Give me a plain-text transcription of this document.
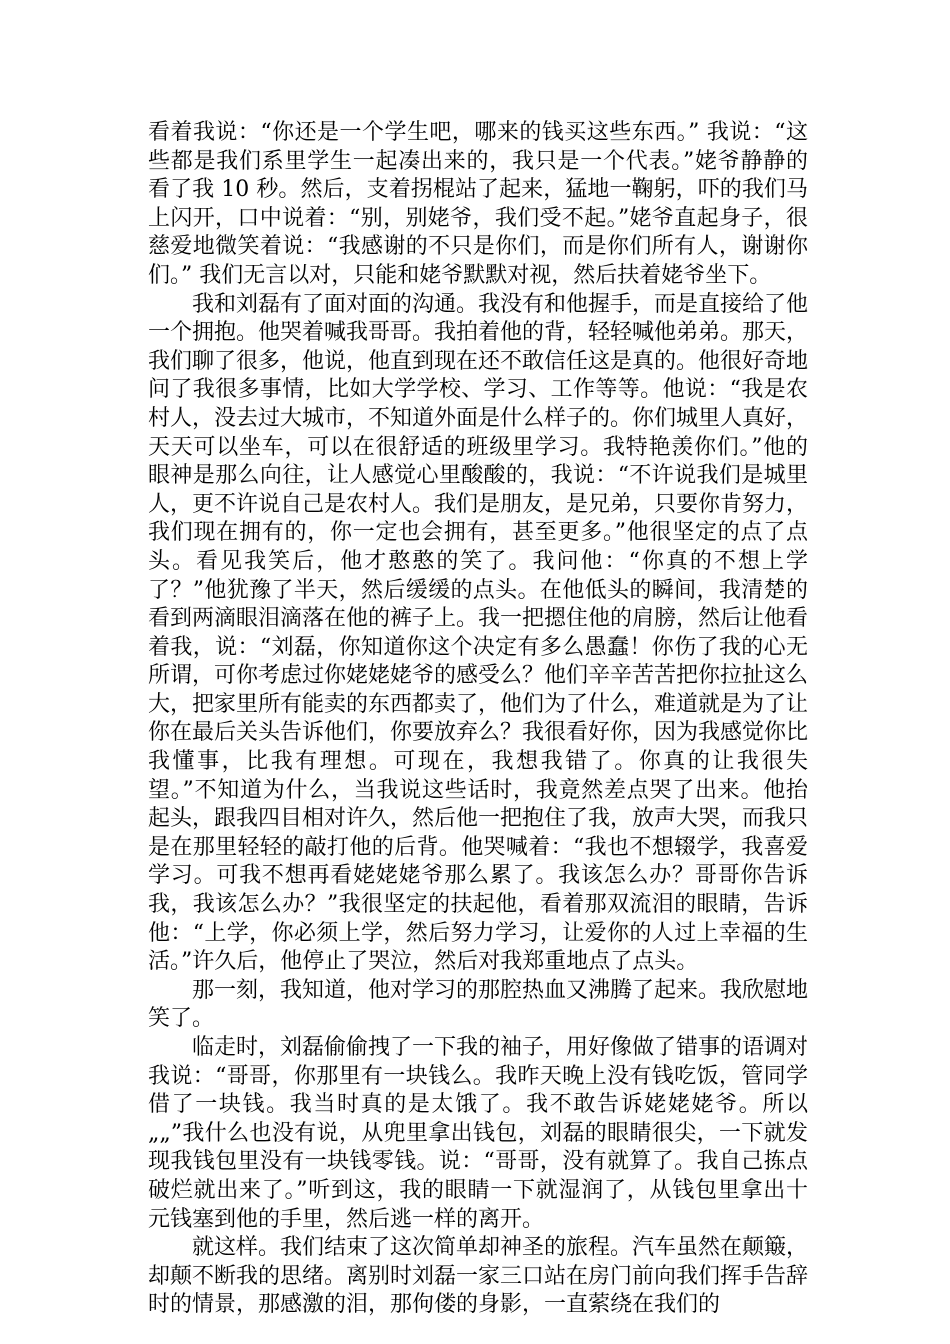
看着我说：“你还是一个学生吧，哪来的钱买这些东西。” 我说：“这些都是我们系里学生一起凑出来的，我只是一个代表。”姥爷静静的看了我 10 秒。然后，支着拐棍站了起来，猛地一鞠躬，吓的我们马上闪开，口中说着：“别，别姥爷，我们受不起。”姥爷直起身子，很慈爱地微笑着说：“我感谢的不只是你们，而是你们所有人，谢谢你们。” 我们无言以对，只能和姥爷默默对视，然后扶着姥爷坐下。

我和刘磊有了面对面的沟通。我没有和他握手，而是直接给了他一个拥抱。他哭着喊我哥哥。我拍着他的背，轻轻喊他弟弟。那天，我们聊了很多，他说，他直到现在还不敢信任这是真的。他很好奇地问了我很多事情，比如大学学校、学习、工作等等。他说：“我是农村人，没去过大城市，不知道外面是什么样子的。你们城里人真好，天天可以坐车，可以在很舒适的班级里学习。我特艳羡你们。”他的眼神是那么向往，让人感觉心里酸酸的，我说：“不许说我们是城里人，更不许说自己是农村人。我们是朋友，是兄弟，只要你肯努力，我们现在拥有的，你一定也会拥有，甚至更多。”他很坚定的点了点头。看见我笑后，他才憨憨的笑了。我问他：“你真的不想上学了？”他犹豫了半天，然后缓缓的点头。在他低头的瞬间，我清楚的看到两滴眼泪滴落在他的裤子上。我一把摁住他的肩膀，然后让他看着我，说：“刘磊，你知道你这个决定有多么愚蠢！你伤了我的心无所谓，可你考虑过你姥姥姥爷的感受么？他们辛辛苦苦把你拉扯这么大，把家里所有能卖的东西都卖了，他们为了什么，难道就是为了让你在最后关头告诉他们，你要放弃么？我很看好你，因为我感觉你比我懂事，比我有理想。可现在，我想我错了。你真的让我很失望。”不知道为什么，当我说这些话时，我竟然差点哭了出来。他抬起头，跟我四目相对许久，然后他一把抱住了我，放声大哭，而我只是在那里轻轻的敲打他的后背。他哭喊着：“我也不想辍学，我喜爱学习。可我不想再看姥姥姥爷那么累了。我该怎么办？哥哥你告诉我，我该怎么办？”我很坚定的扶起他，看着那双流泪的眼睛，告诉他：“上学，你必须上学，然后努力学习，让爱你的人过上幸福的生活。”许久后，他停止了哭泣，然后对我郑重地点了点头。

那一刻，我知道，他对学习的那腔热血又沸腾了起来。我欣慰地笑了。

临走时，刘磊偷偷拽了一下我的袖子，用好像做了错事的语调对我说：“哥哥，你那里有一块钱么。我昨天晚上没有钱吃饭，管同学借了一块钱。我当时真的是太饿了。我不敢告诉姥姥姥爷。所以„„”我什么也没有说，从兜里拿出钱包，刘磊的眼睛很尖，一下就发现我钱包里没有一块钱零钱。说：“哥哥，没有就算了。我自己拣点破烂就出来了。”听到这，我的眼睛一下就湿润了，从钱包里拿出十元钱塞到他的手里，然后逃一样的离开。

就这样。我们结束了这次简单却神圣的旅程。汽车虽然在颠簸，却颠不断我的思绪。离别时刘磊一家三口站在房门前向我们挥手告辞时的情景，那感激的泪，那佝偻的身影，一直萦绕在我们的
